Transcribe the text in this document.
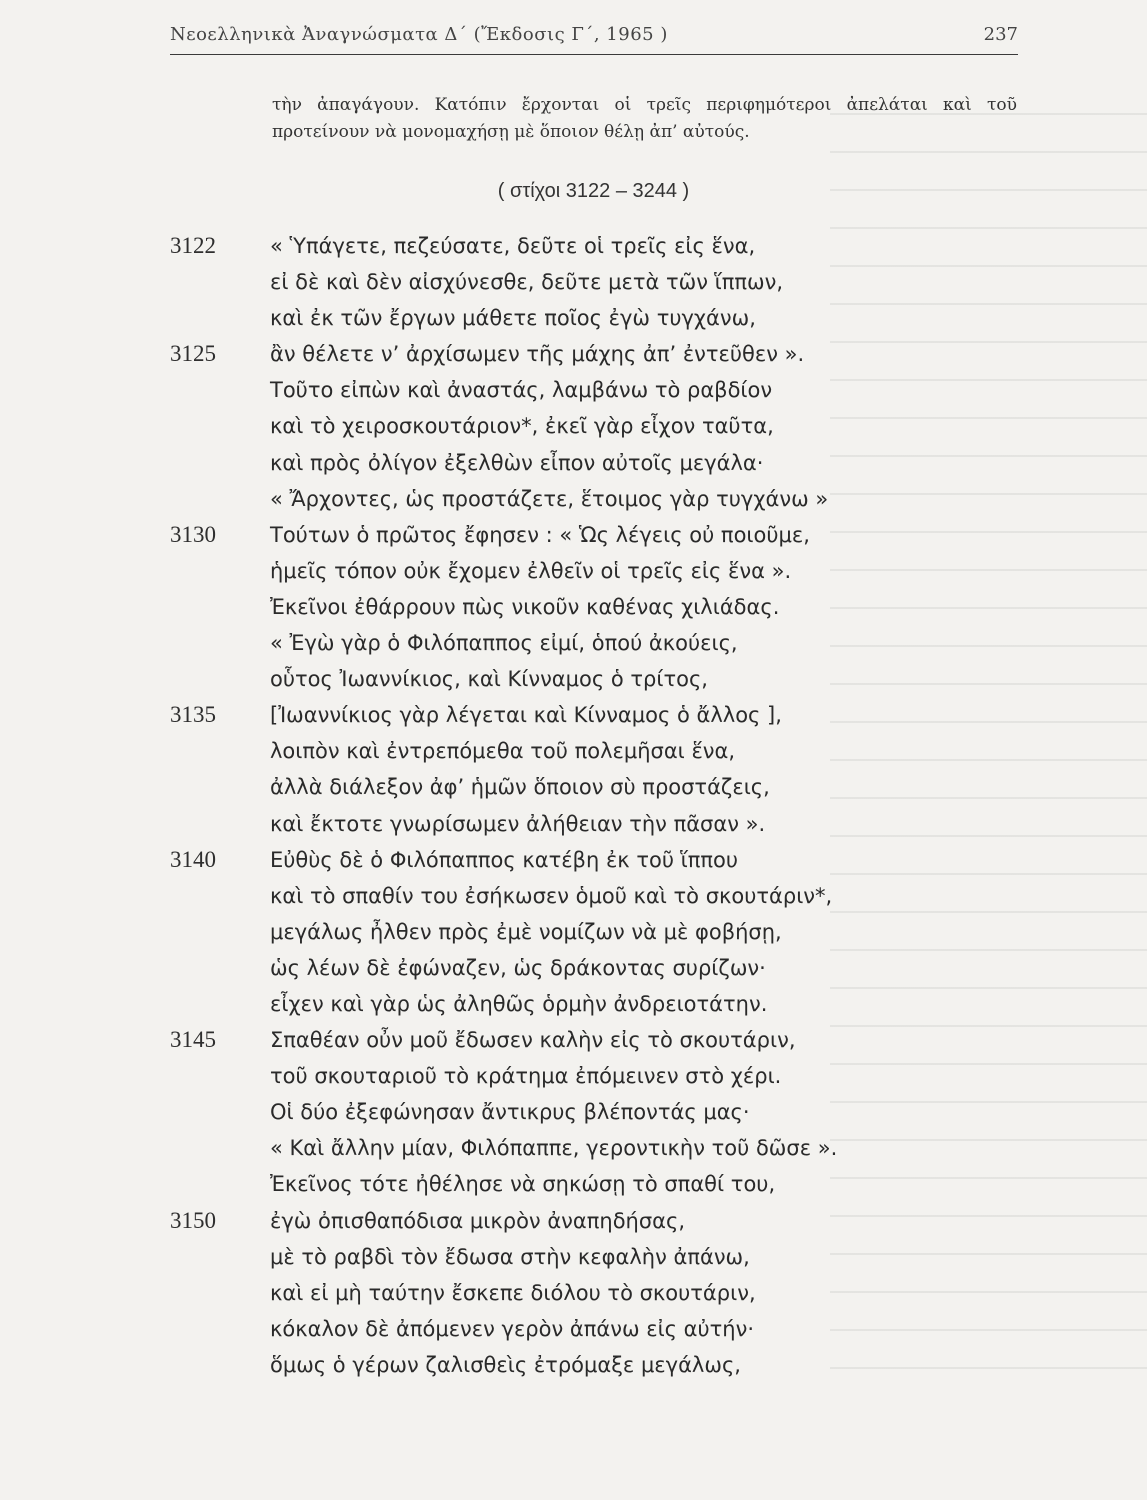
Νεοελληνικὰ Ἀναγνώσματα Δ΄ (Ἔκδοσις Γ΄, 1965 )	237

τὴν ἀπαγάγουν. Κατόπιν ἔρχονται οἱ τρεῖς περιφημότεροι ἀπελάται καὶ τοῦ προτείνουν νὰ μονομαχήσῃ μὲ ὅποιον θέλῃ ἀπ’ αὐτούς.

( στίχοι 3122 – 3244 )
3122	« Ὑπάγετε, πεζεύσατε, δεῦτε οἱ τρεῖς εἰς ἕνα,
εἰ δὲ καὶ δὲν αἰσχύνεσθε, δεῦτε μετὰ τῶν ἵππων,
καὶ ἐκ τῶν ἔργων μάθετε ποῖος ἐγὼ τυγχάνω,
3125	ἂν θέλετε ν’ ἀρχίσωμεν τῆς μάχης ἀπ’ ἐντεῦθεν ».
Τοῦτο εἰπὼν καὶ ἀναστάς, λαμβάνω τὸ ραβδίον
καὶ τὸ χειροσκουτάριον*, ἐκεῖ γὰρ εἶχον ταῦτα,
καὶ πρὸς ὀλίγον ἐξελθὼν εἶπον αὐτοῖς μεγάλα·
« Ἄρχοντες, ὡς προστάζετε, ἕτοιμος γὰρ τυγχάνω »
3130	Τούτων ὁ πρῶτος ἔφησεν : « Ὡς λέγεις οὐ ποιοῦμε,
ἡμεῖς τόπον οὐκ ἔχομεν ἐλθεῖν οἱ τρεῖς εἰς ἕνα ».
Ἐκεῖνοι ἐθάρρουν πὼς νικοῦν καθένας χιλιάδας.
« Ἐγὼ γὰρ ὁ Φιλόπαππος εἰμί, ὁπού ἀκούεις,
οὗτος Ἰωαννίκιος, καὶ Κίνναμος ὁ τρίτος,
3135	[Ἰωαννίκιος γὰρ λέγεται καὶ Κίνναμος ὁ ἄλλος ],
λοιπὸν καὶ ἐντρεπόμεθα τοῦ πολεμῆσαι ἕνα,
ἀλλὰ διάλεξον ἀφ’ ἡμῶν ὅποιον σὺ προστάζεις,
καὶ ἔκτοτε γνωρίσωμεν ἀλήθειαν τὴν πᾶσαν ».
3140	Εὐθὺς δὲ ὁ Φιλόπαππος κατέβη ἐκ τοῦ ἵππου
καὶ τὸ σπαθίν του ἐσήκωσεν ὁμοῦ καὶ τὸ σκουτάριν*,
μεγάλως ἦλθεν πρὸς ἐμὲ νομίζων νὰ μὲ φοβήσῃ,
ὡς λέων δὲ ἐφώναζεν, ὡς δράκοντας συρίζων·
εἶχεν καὶ γὰρ ὡς ἀληθῶς ὁρμὴν ἀνδρειοτάτην.
3145	Σπαθέαν οὖν μοῦ ἔδωσεν καλὴν εἰς τὸ σκουτάριν,
τοῦ σκουταριοῦ τὸ κράτημα ἐπόμεινεν στὸ χέρι.
Οἱ δύο ἐξεφώνησαν ἄντικρυς βλέποντάς μας·
« Καὶ ἄλλην μίαν, Φιλόπαππε, γεροντικὴν τοῦ δῶσε ».
Ἐκεῖνος τότε ἠθέλησε νὰ σηκώσῃ τὸ σπαθί του,
3150	ἐγὼ ὀπισθαπόδισα μικρὸν ἀναπηδήσας,
μὲ τὸ ραβδὶ τὸν ἔδωσα στὴν κεφαλὴν ἀπάνω,
καὶ εἰ μὴ ταύτην ἔσκεπε διόλου τὸ σκουτάριν,
κόκαλον δὲ ἀπόμενεν γερὸν ἀπάνω εἰς αὐτήν·
ὅμως ὁ γέρων ζαλισθεὶς ἐτρόμαξε μεγάλως,
